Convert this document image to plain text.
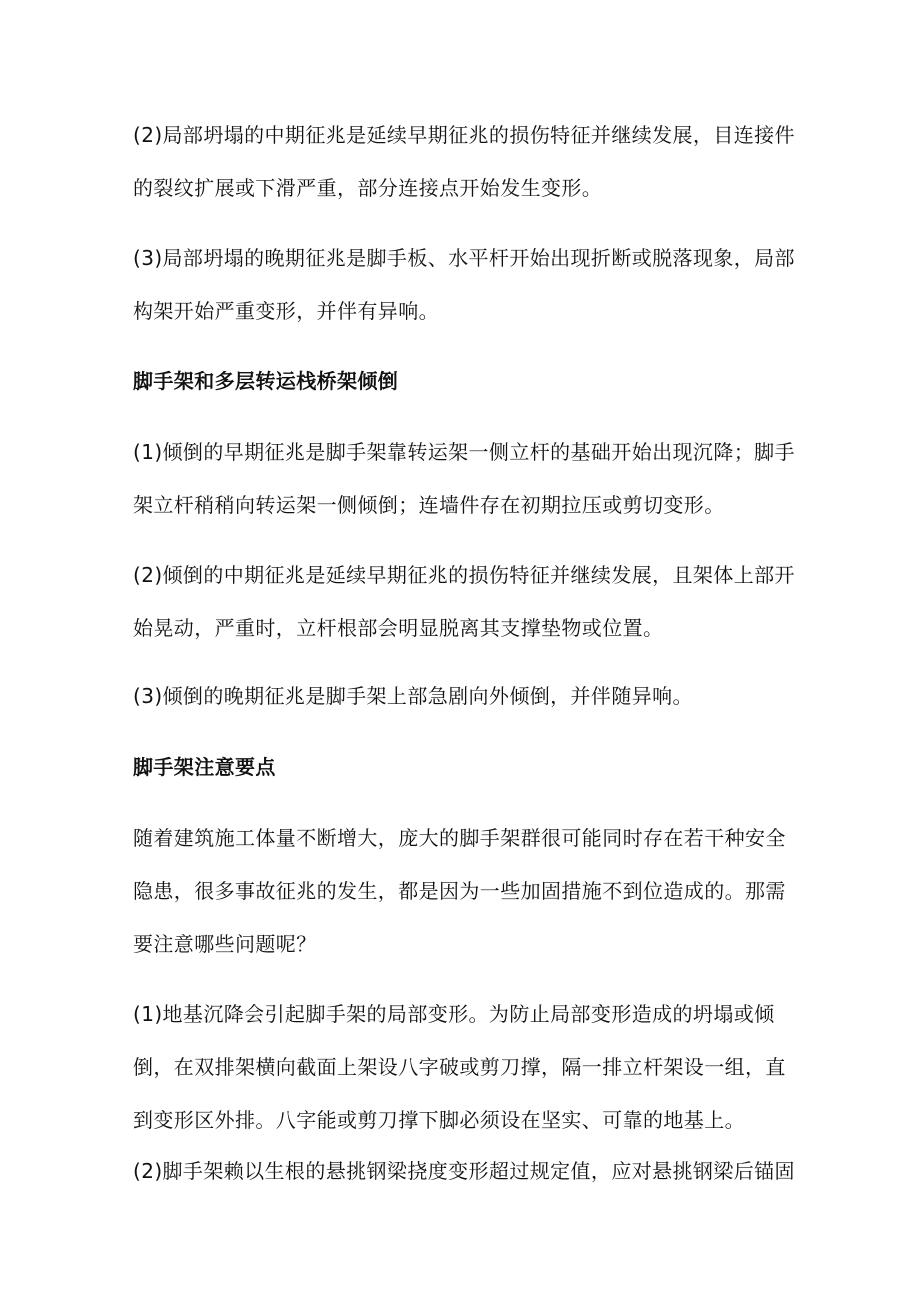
(2)局部坍塌的中期征兆是延续早期征兆的损伤特征并继续发展，目连接件的裂纹扩展或下滑严重，部分连接点开始发生变形。

(3)局部坍塌的晚期征兆是脚手板、水平杆开始出现折断或脱落现象，局部构架开始严重变形，并伴有异响。

脚手架和多层转运栈桥架倾倒

(1)倾倒的早期征兆是脚手架靠转运架一侧立杆的基础开始出现沉降；脚手架立杆稍稍向转运架一侧倾倒；连墙件存在初期拉压或剪切变形。

(2)倾倒的中期征兆是延续早期征兆的损伤特征并继续发展，且架体上部开始晃动，严重时，立杆根部会明显脱离其支撑垫物或位置。

(3)倾倒的晚期征兆是脚手架上部急剧向外倾倒，并伴随异响。

脚手架注意要点

随着建筑施工体量不断增大，庞大的脚手架群很可能同时存在若干种安全隐患，很多事故征兆的发生，都是因为一些加固措施不到位造成的。那需要注意哪些问题呢？

(1)地基沉降会引起脚手架的局部变形。为防止局部变形造成的坍塌或倾倒，在双排架横向截面上架设八字破或剪刀撑，隔一排立杆架设一组，直到变形区外排。八字能或剪刀撑下脚必须设在坚实、可靠的地基上。

(2)脚手架赖以生根的悬挑钢梁挠度变形超过规定值，应对悬挑钢梁后锚固
